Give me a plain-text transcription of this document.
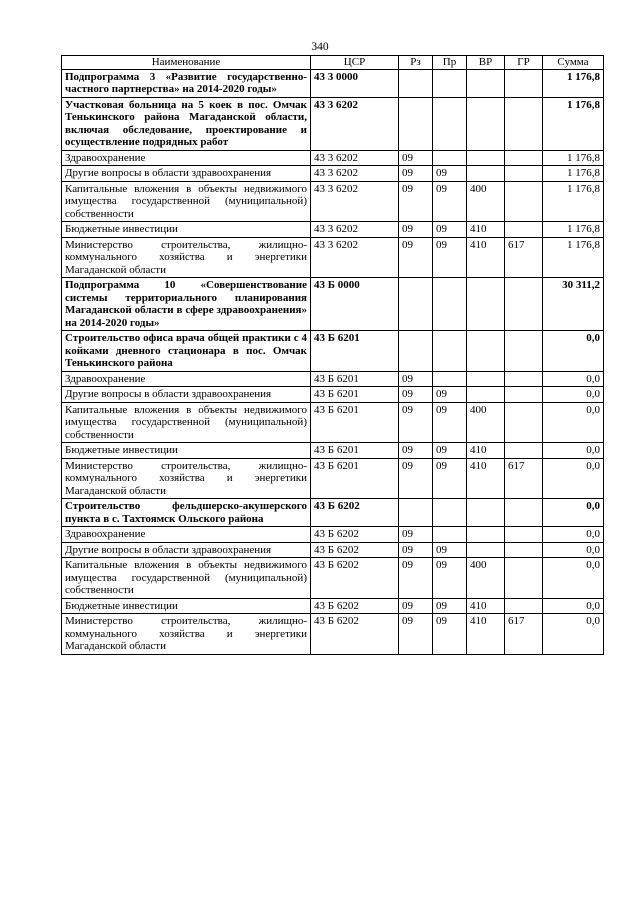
340
Наименование	ЦСР	Рз	Пр	ВР	ГР	Сумма
Подпрограмма 3 «Развитие государственно-частного партнерства» на 2014-2020 годы»	43 3 0000					1 176,8
Участковая больница на 5 коек в пос. Омчак Тенькинского района Магаданской области, включая обследование, проектирование и осуществление подрядных работ	43 3 6202					1 176,8
Здравоохранение	43 3 6202	09				1 176,8
Другие вопросы в области здравоохранения	43 3 6202	09	09			1 176,8
Капитальные вложения в объекты недвижимого имущества государственной (муниципальной) собственности	43 3 6202	09	09	400		1 176,8
Бюджетные инвестиции	43 3 6202	09	09	410		1 176,8
Министерство строительства, жилищно-коммунального хозяйства и энергетики Магаданской области	43 3 6202	09	09	410	617	1 176,8
Подпрограмма 10 «Совершенствование системы территориального планирования Магаданской области в сфере здравоохранения» на 2014-2020 годы»	43 Б 0000					30 311,2
Строительство офиса врача общей практики с 4 койками дневного стационара в пос. Омчак Тенькинского района	43 Б 6201					0,0
Здравоохранение	43 Б 6201	09				0,0
Другие вопросы в области здравоохранения	43 Б 6201	09	09			0,0
Капитальные вложения в объекты недвижимого имущества государственной (муниципальной) собственности	43 Б 6201	09	09	400		0,0
Бюджетные инвестиции	43 Б 6201	09	09	410		0,0
Министерство строительства, жилищно-коммунального хозяйства и энергетики Магаданской области	43 Б 6201	09	09	410	617	0,0
Строительство фельдшерско-акушерского пункта в с. Тахтоямск Ольского района	43 Б 6202					0,0
Здравоохранение	43 Б 6202	09				0,0
Другие вопросы в области здравоохранения	43 Б 6202	09	09			0,0
Капитальные вложения в объекты недвижимого имущества государственной (муниципальной) собственности	43 Б 6202	09	09	400		0,0
Бюджетные инвестиции	43 Б 6202	09	09	410		0,0
Министерство строительства, жилищно-коммунального хозяйства и энергетики Магаданской области	43 Б 6202	09	09	410	617	0,0
